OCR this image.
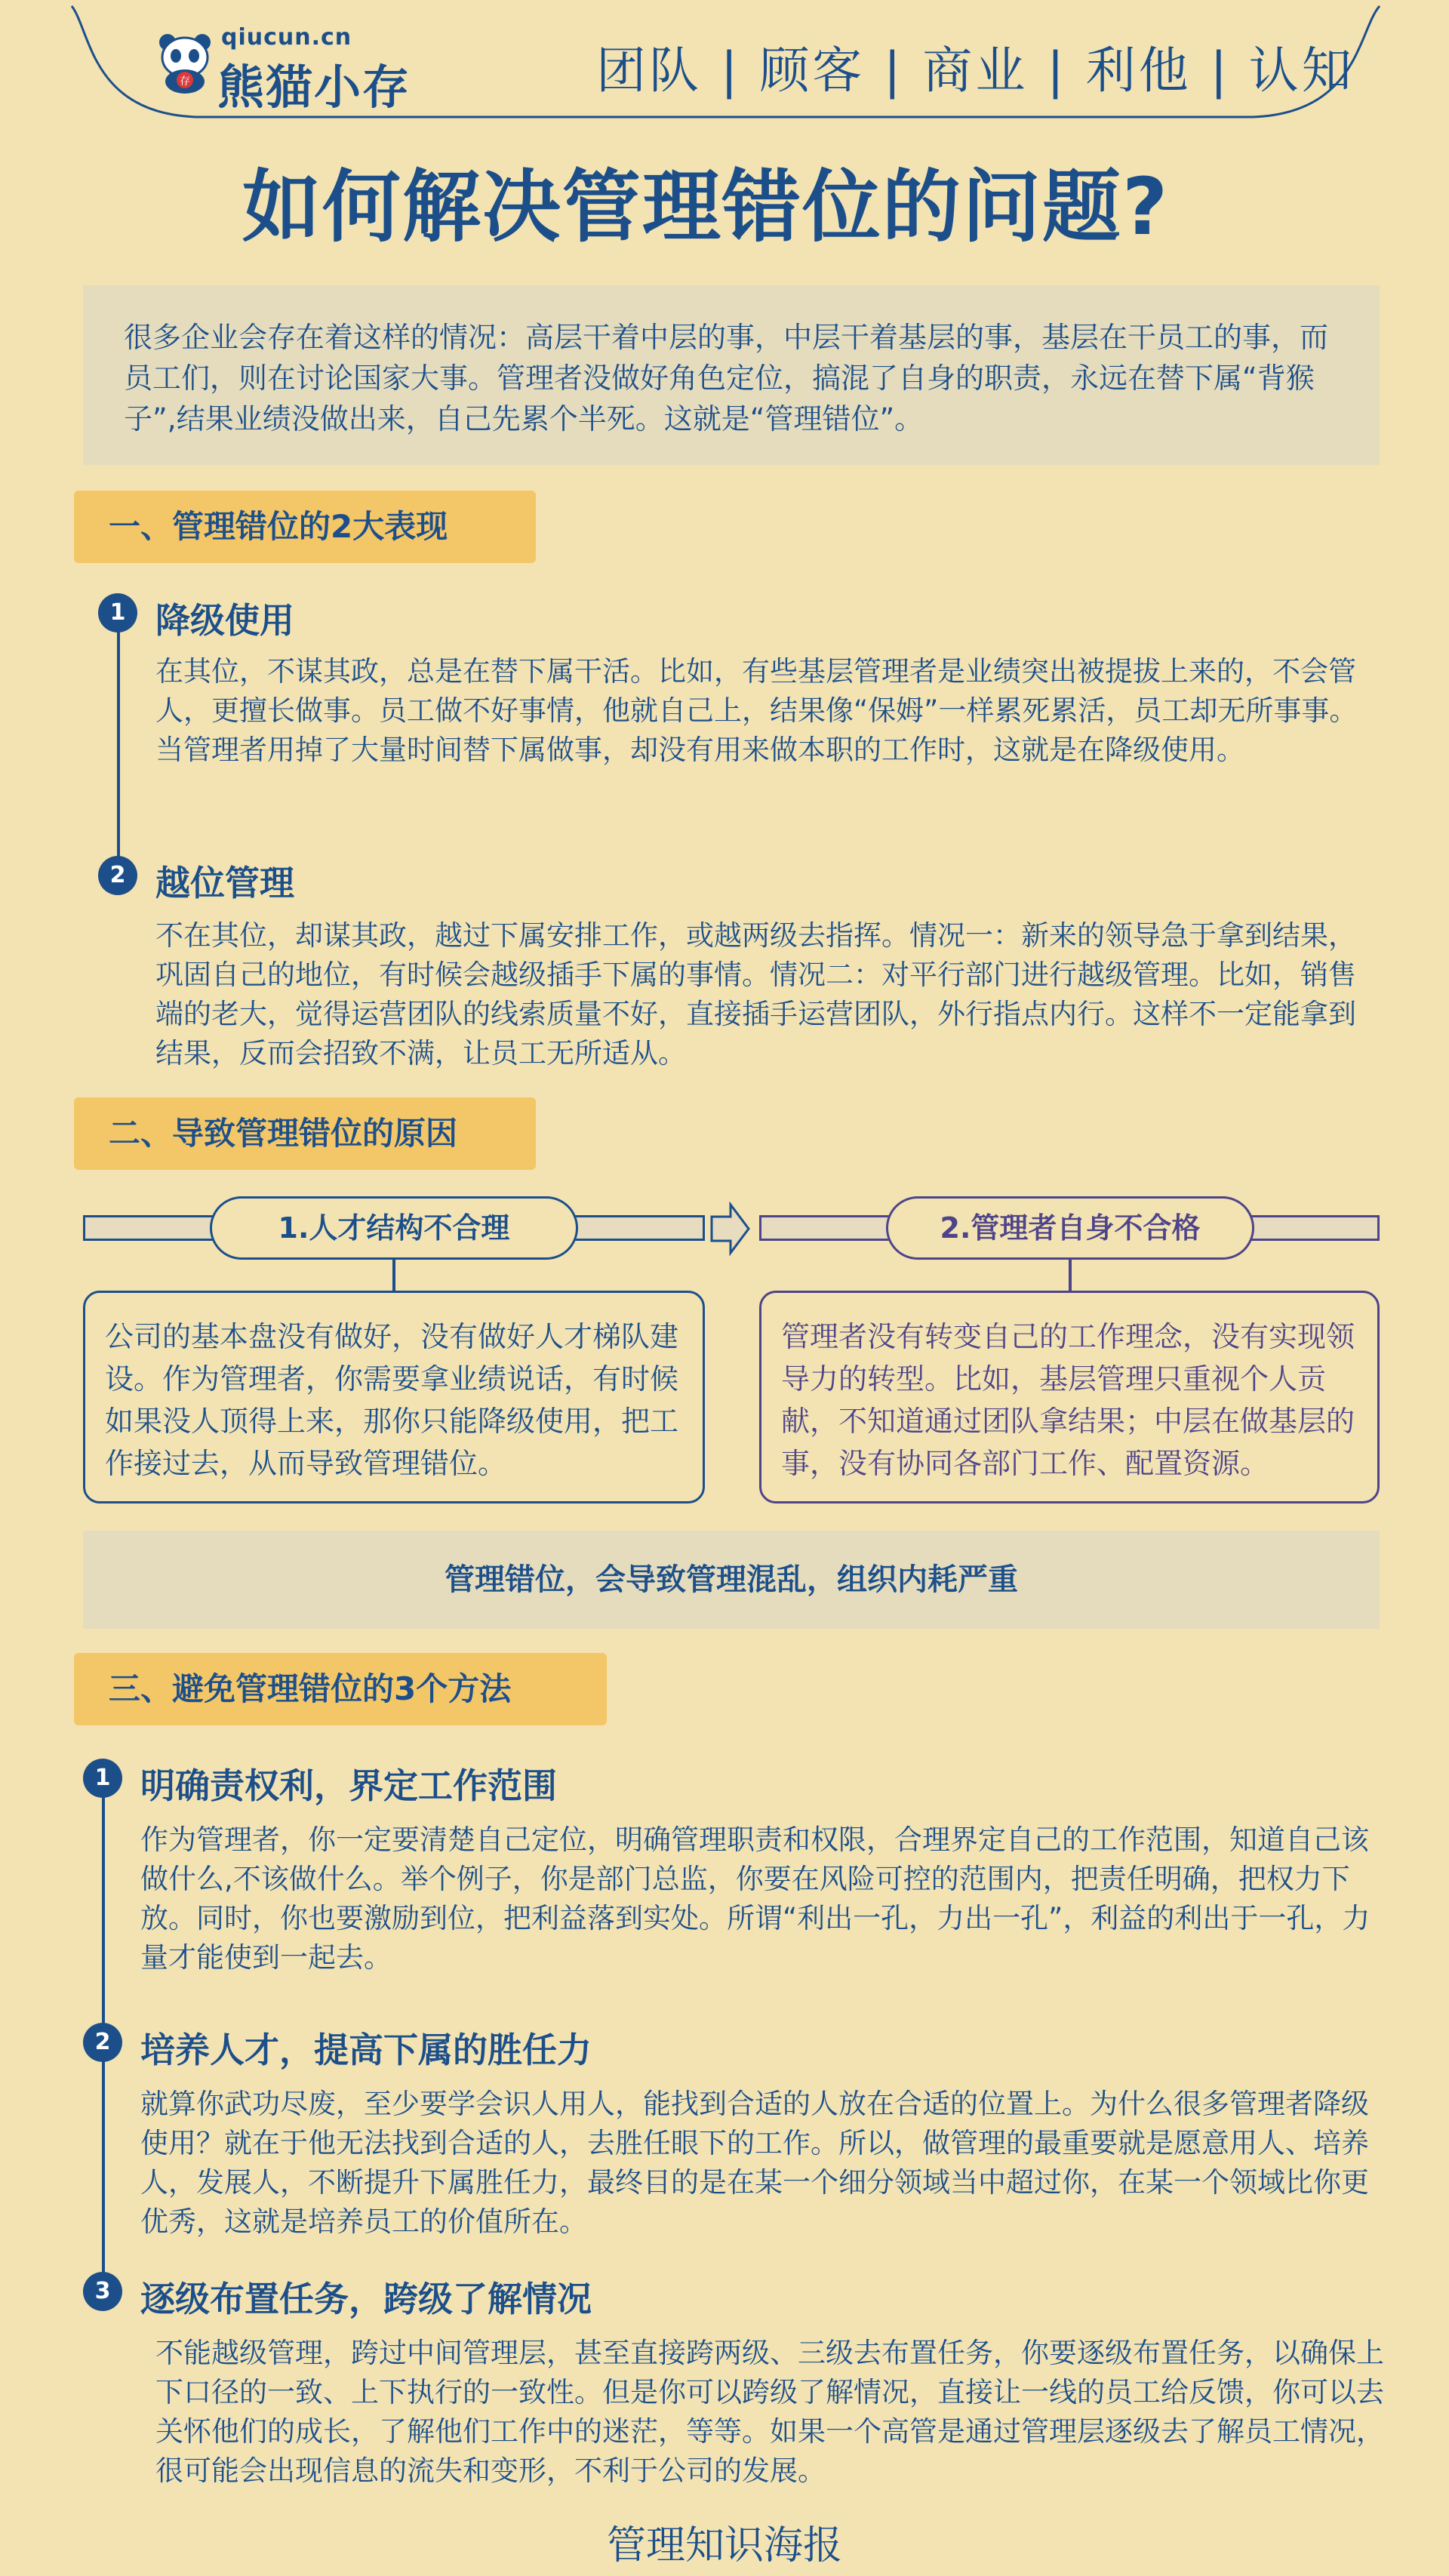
存
qiucun.cn
熊猫小存	团队 | 顾客 | 商业 | 利他 | 认知
如何解决管理错位的问题?
很多企业会存在着这样的情况：高层干着中层的事，中层干着基层的事，基层在干员工的事，而员工们，则在讨论国家大事。管理者没做好角色定位，搞混了自身的职责，永远在替下属“背猴子”,结果业绩没做出来，自己先累个半死。这就是“管理错位”。
一、管理错位的2大表现
1 降级使用
在其位，不谋其政，总是在替下属干活。比如，有些基层管理者是业绩突出被提拔上来的，不会管人，更擅长做事。员工做不好事情，他就自己上，结果像“保姆”一样累死累活，员工却无所事事。当管理者用掉了大量时间替下属做事，却没有用来做本职的工作时，这就是在降级使用。
2 越位管理
不在其位，却谋其政，越过下属安排工作，或越两级去指挥。情况一：新来的领导急于拿到结果，巩固自己的地位，有时候会越级插手下属的事情。情况二：对平行部门进行越级管理。比如，销售端的老大，觉得运营团队的线索质量不好，直接插手运营团队，外行指点内行。这样不一定能拿到结果，反而会招致不满，让员工无所适从。
二、导致管理错位的原因
1.人才结构不合理	2.管理者自身不合格
公司的基本盘没有做好，没有做好人才梯队建设。作为管理者，你需要拿业绩说话，有时候如果没人顶得上来，那你只能降级使用，把工作接过去，从而导致管理错位。
管理者没有转变自己的工作理念，没有实现领导力的转型。比如，基层管理只重视个人贡献，不知道通过团队拿结果；中层在做基层的事，没有协同各部门工作、配置资源。
管理错位，会导致管理混乱，组织内耗严重
三、避免管理错位的3个方法
1 明确责权利，界定工作范围
作为管理者，你一定要清楚自己定位，明确管理职责和权限，合理界定自己的工作范围，知道自己该做什么,不该做什么。举个例子，你是部门总监，你要在风险可控的范围内，把责任明确，把权力下放。同时，你也要激励到位，把利益落到实处。所谓“利出一孔，力出一孔”，利益的利出于一孔，力量才能使到一起去。
2 培养人才，提高下属的胜任力
就算你武功尽废，至少要学会识人用人，能找到合适的人放在合适的位置上。为什么很多管理者降级使用？就在于他无法找到合适的人，去胜任眼下的工作。所以，做管理的最重要就是愿意用人、培养人，发展人，不断提升下属胜任力，最终目的是在某一个细分领域当中超过你，在某一个领域比你更优秀，这就是培养员工的价值所在。
3 逐级布置任务，跨级了解情况
不能越级管理，跨过中间管理层，甚至直接跨两级、三级去布置任务，你要逐级布置任务，以确保上下口径的一致、上下执行的一致性。但是你可以跨级了解情况，直接让一线的员工给反馈，你可以去关怀他们的成长，了解他们工作中的迷茫，等等。如果一个高管是通过管理层逐级去了解员工情况，很可能会出现信息的流失和变形，不利于公司的发展。
管理知识海报
